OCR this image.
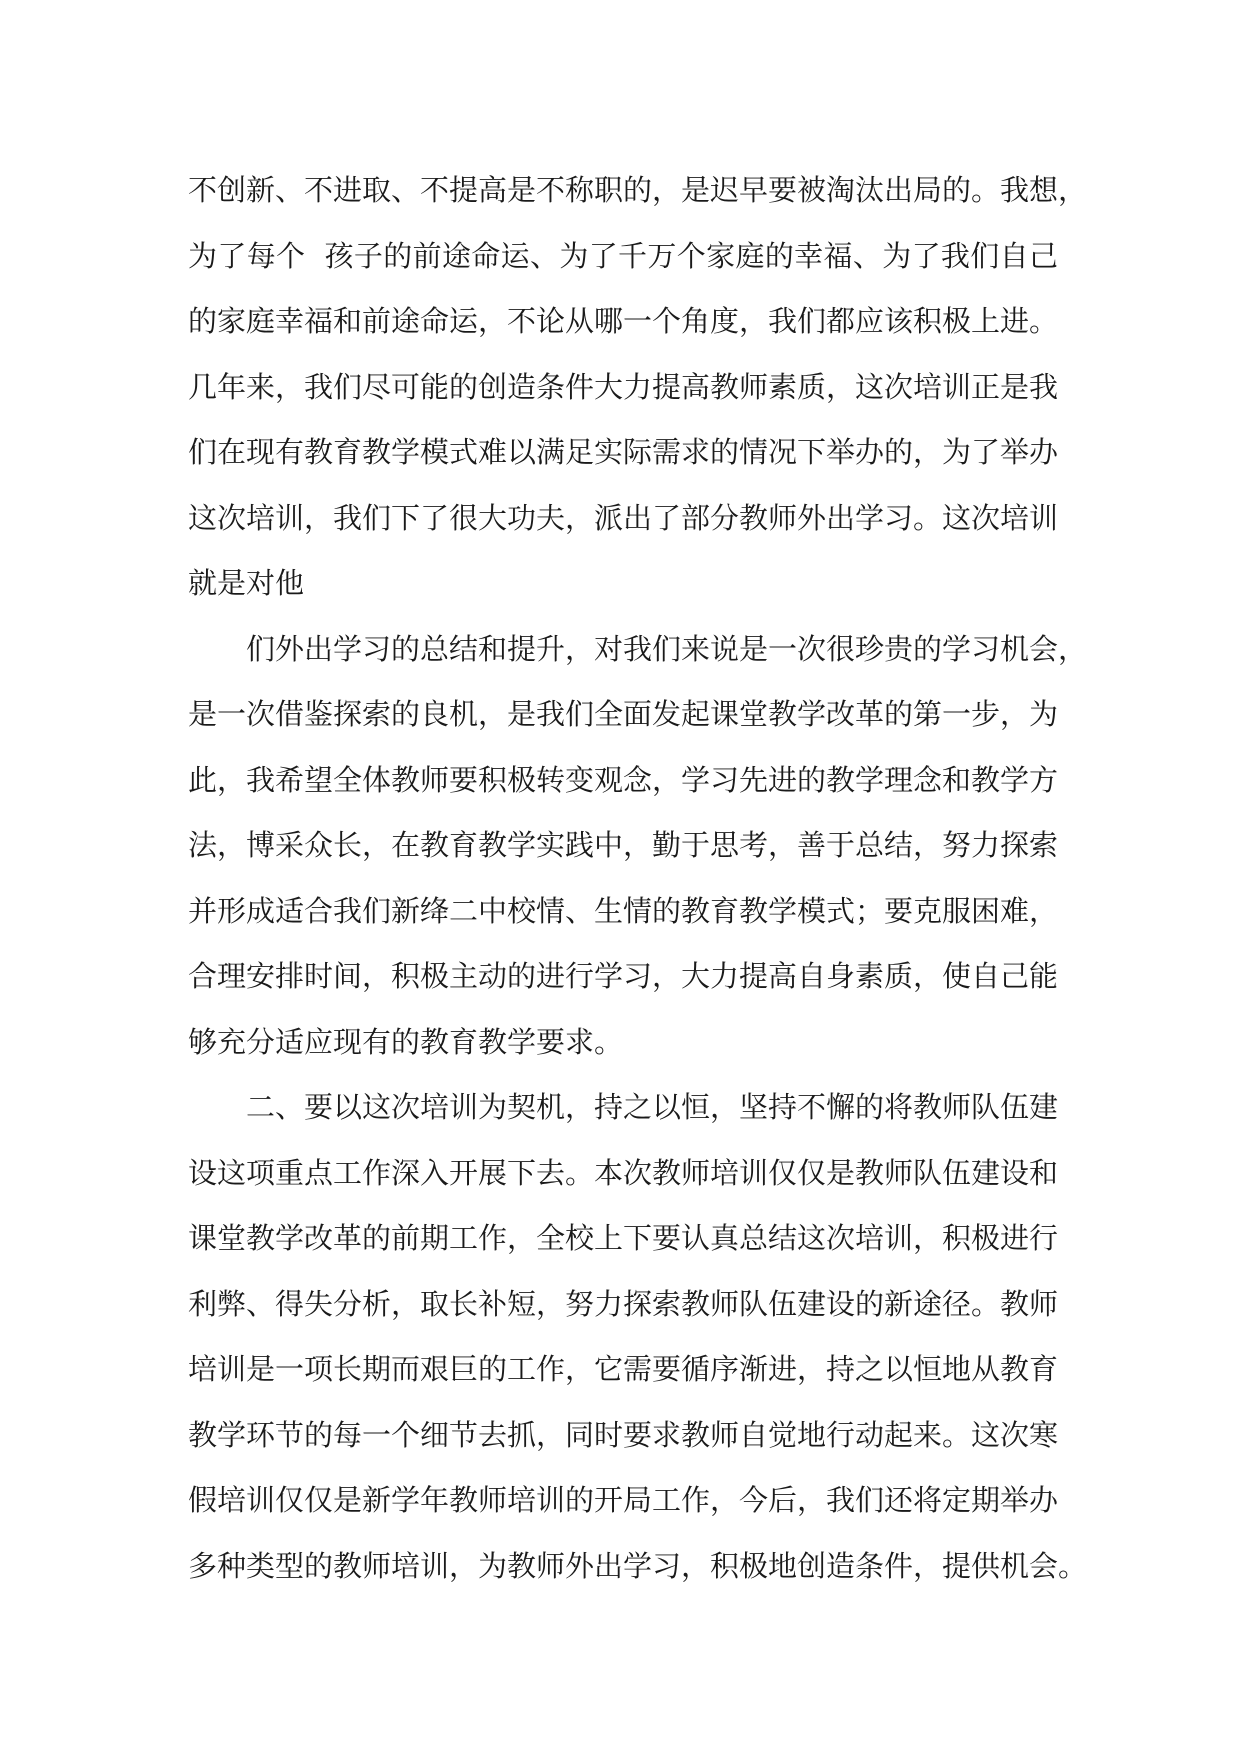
不创新、不进取、不提高是不称职的，是迟早要被淘汰出局的。我想，
为了每个  孩子的前途命运、为了千万个家庭的幸福、为了我们自己
的家庭幸福和前途命运，不论从哪一个角度，我们都应该积极上进。
几年来，我们尽可能的创造条件大力提高教师素质，这次培训正是我
们在现有教育教学模式难以满足实际需求的情况下举办的，为了举办
这次培训，我们下了很大功夫，派出了部分教师外出学习。这次培训
就是对他
们外出学习的总结和提升，对我们来说是一次很珍贵的学习机会，
是一次借鉴探索的良机，是我们全面发起课堂教学改革的第一步，为
此，我希望全体教师要积极转变观念，学习先进的教学理念和教学方
法，博采众长，在教育教学实践中，勤于思考，善于总结，努力探索
并形成适合我们新绛二中校情、生情的教育教学模式；要克服困难，
合理安排时间，积极主动的进行学习，大力提高自身素质，使自己能
够充分适应现有的教育教学要求。
二、要以这次培训为契机，持之以恒，坚持不懈的将教师队伍建
设这项重点工作深入开展下去。本次教师培训仅仅是教师队伍建设和
课堂教学改革的前期工作，全校上下要认真总结这次培训，积极进行
利弊、得失分析，取长补短，努力探索教师队伍建设的新途径。教师
培训是一项长期而艰巨的工作，它需要循序渐进，持之以恒地从教育
教学环节的每一个细节去抓，同时要求教师自觉地行动起来。这次寒
假培训仅仅是新学年教师培训的开局工作，今后，我们还将定期举办
多种类型的教师培训，为教师外出学习，积极地创造条件，提供机会。
